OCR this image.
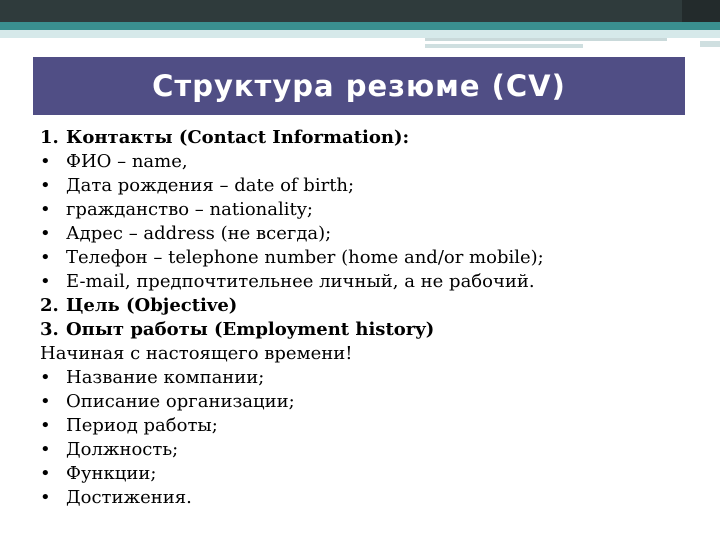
Структура резюме (CV)
1. Контакты (Contact Information):
• ФИО – name,
• Дата рождения – date of birth;
• гражданство – nationality;
• Адрес – address (не всегда);
• Телефон – telephone number (home and/or mobile);
• E-mail, предпочтительнее личный, а не рабочий.
2. Цель (Objective)
3. Опыт работы (Employment history)
Начиная с настоящего времени!
• Название компании;
• Описание организации;
• Период работы;
• Должность;
• Функции;
• Достижения.
